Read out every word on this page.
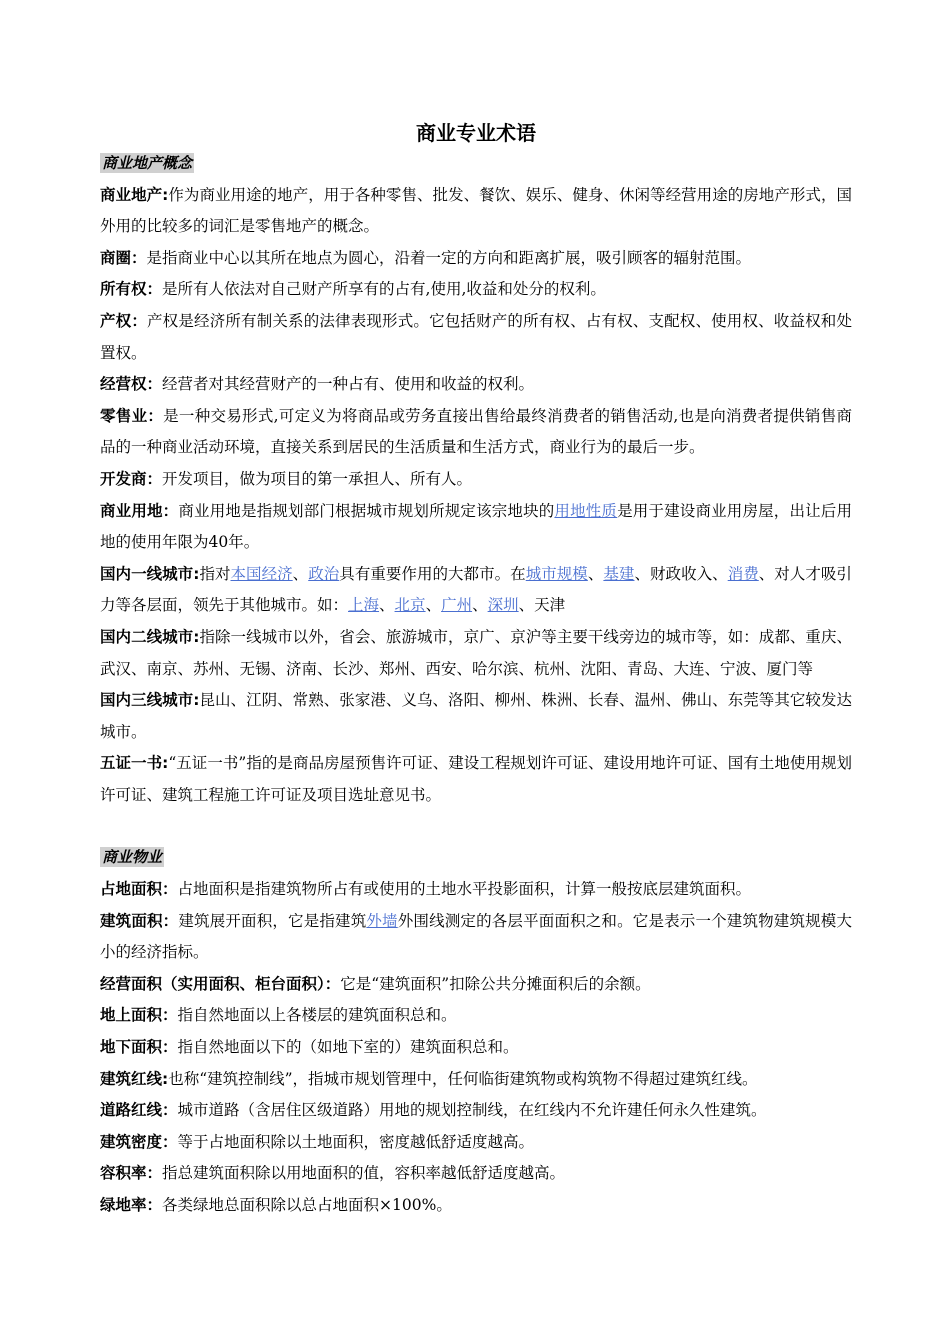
商业专业术语
商业地产概念

商业地产:作为商业用途的地产，用于各种零售、批发、餐饮、娱乐、健身、休闲等经营用途的房地产形式，国外用的比较多的词汇是零售地产的概念。

商圈：是指商业中心以其所在地点为圆心，沿着一定的方向和距离扩展，吸引顾客的辐射范围。

所有权：是所有人依法对自己财产所享有的占有,使用,收益和处分的权利。

产权：产权是经济所有制关系的法律表现形式。它包括财产的所有权、占有权、支配权、使用权、收益权和处置权。

经营权：经营者对其经营财产的一种占有、使用和收益的权利。

零售业：是一种交易形式,可定义为将商品或劳务直接出售给最终消费者的销售活动,也是向消费者提供销售商品的一种商业活动环境，直接关系到居民的生活质量和生活方式，商业行为的最后一步。

开发商：开发项目，做为项目的第一承担人、所有人。

商业用地：商业用地是指规划部门根据城市规划所规定该宗地块的用地性质是用于建设商业用房屋，出让后用地的使用年限为40年。

国内一线城市:指对本国经济、政治具有重要作用的大都市。在城市规模、基建、财政收入、消费、对人才吸引力等各层面，领先于其他城市。如：上海、北京、广州、深圳、天津

国内二线城市:指除一线城市以外，省会、旅游城市，京广、京沪等主要干线旁边的城市等，如：成都、重庆、武汉、南京、苏州、无锡、济南、长沙、郑州、西安、哈尔滨、杭州、沈阳、青岛、大连、宁波、厦门等

国内三线城市:昆山、江阴、常熟、张家港、义乌、洛阳、柳州、株洲、长春、温州、佛山、东莞等其它较发达城市。

五证一书:“五证一书”指的是商品房屋预售许可证、建设工程规划许可证、建设用地许可证、国有土地使用规划许可证、建筑工程施工许可证及项目选址意见书。

商业物业

占地面积：占地面积是指建筑物所占有或使用的土地水平投影面积，计算一般按底层建筑面积。

建筑面积：建筑展开面积，它是指建筑外墙外围线测定的各层平面面积之和。它是表示一个建筑物建筑规模大小的经济指标。

经营面积（实用面积、柜台面积）：它是“建筑面积”扣除公共分摊面积后的余额。

地上面积：指自然地面以上各楼层的建筑面积总和。

地下面积：指自然地面以下的（如地下室的）建筑面积总和。

建筑红线:也称“建筑控制线”，指城市规划管理中，任何临街建筑物或构筑物不得超过建筑红线。

道路红线：城市道路（含居住区级道路）用地的规划控制线，在红线内不允许建任何永久性建筑。

建筑密度：等于占地面积除以土地面积，密度越低舒适度越高。

容积率：指总建筑面积除以用地面积的值，容积率越低舒适度越高。

绿地率：各类绿地总面积除以总占地面积×100%。
